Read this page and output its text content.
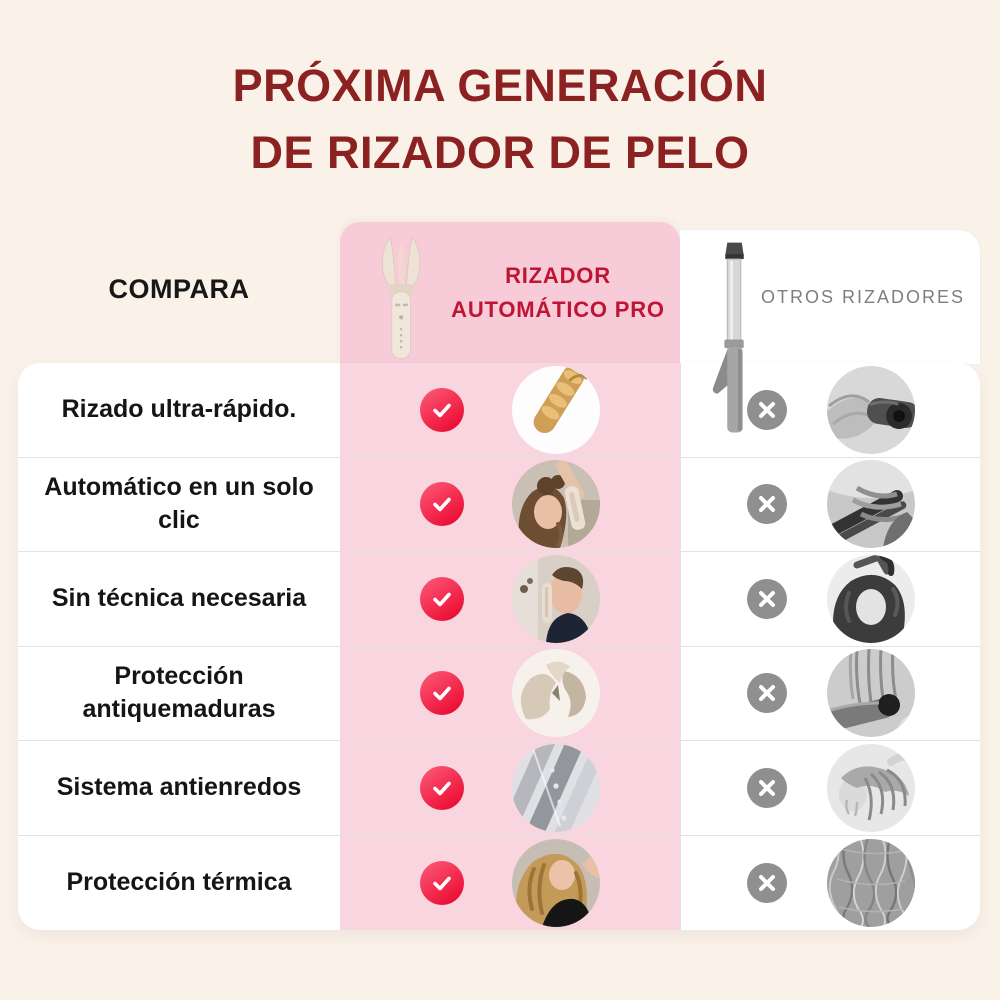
PRÓXIMA GENERACIÓN
DE RIZADOR DE PELO
COMPARA	RIZADOR AUTOMÁTICO PRO	OTROS RIZADORES
Rizado ultra-rápido.
Automático en un solo clic
Sin técnica necesaria
Protección antiquemaduras
Sistema antienredos
Protección térmica
